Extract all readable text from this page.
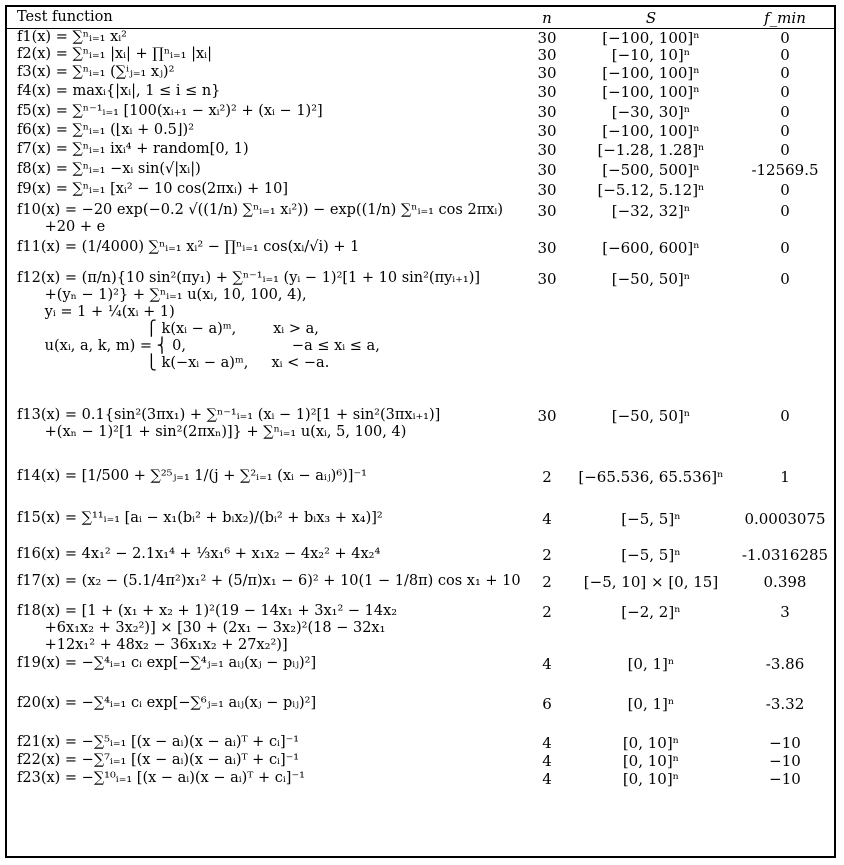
Test function	n	S	f_min
f1(x) = ∑ⁿᵢ₌₁ xᵢ²	30	[−100, 100]ⁿ	0
f2(x) = ∑ⁿᵢ₌₁ |xᵢ| + ∏ⁿᵢ₌₁ |xᵢ|	30	[−10, 10]ⁿ	0
f3(x) = ∑ⁿᵢ₌₁ (∑ⁱⱼ₌₁ xⱼ)²	30	[−100, 100]ⁿ	0
f4(x) = maxᵢ{|xᵢ|, 1 ≤ i ≤ n}	30	[−100, 100]ⁿ	0
f5(x) = ∑ⁿ⁻¹ᵢ₌₁ [100(xᵢ₊₁ − xᵢ²)² + (xᵢ − 1)²]	30	[−30, 30]ⁿ	0
f6(x) = ∑ⁿᵢ₌₁ (⌊xᵢ + 0.5⌋)²	30	[−100, 100]ⁿ	0
f7(x) = ∑ⁿᵢ₌₁ ixᵢ⁴ + random[0, 1)	30	[−1.28, 1.28]ⁿ	0
f8(x) = ∑ⁿᵢ₌₁ −xᵢ sin(√|xᵢ|)	30	[−500, 500]ⁿ	-12569.5
f9(x) = ∑ⁿᵢ₌₁ [xᵢ² − 10 cos(2πxᵢ) + 10]	30	[−5.12, 5.12]ⁿ	0
f10(x) = −20 exp(−0.2 √((1/n) ∑ⁿᵢ₌₁ xᵢ²)) − exp((1/n) ∑ⁿᵢ₌₁ cos 2πxᵢ)
+20 + e
30	[−32, 32]ⁿ	0
f11(x) = (1/4000) ∑ⁿᵢ₌₁ xᵢ² − ∏ⁿᵢ₌₁ cos(xᵢ/√i) + 1	30	[−600, 600]ⁿ	0
f12(x) = (π/n){10 sin²(πy₁) + ∑ⁿ⁻¹ᵢ₌₁ (yᵢ − 1)²[1 + 10 sin²(πyᵢ₊₁)]
+(yₙ − 1)²} + ∑ⁿᵢ₌₁ u(xᵢ, 10, 100, 4),
yᵢ = 1 + ¼(xᵢ + 1)
⎧ k(xᵢ − a)ᵐ,        xᵢ > a,
u(xᵢ, a, k, m) = ⎨ 0,                       −a ≤ xᵢ ≤ a,
⎩ k(−xᵢ − a)ᵐ,     xᵢ < −a.
30	[−50, 50]ⁿ	0
f13(x) = 0.1{sin²(3πx₁) + ∑ⁿ⁻¹ᵢ₌₁ (xᵢ − 1)²[1 + sin²(3πxᵢ₊₁)]
+(xₙ − 1)²[1 + sin²(2πxₙ)]} + ∑ⁿᵢ₌₁ u(xᵢ, 5, 100, 4)
30	[−50, 50]ⁿ	0
f14(x) = [1/500 + ∑²⁵ⱼ₌₁ 1/(j + ∑²ᵢ₌₁ (xᵢ − aᵢⱼ)⁶)]⁻¹	2	[−65.536, 65.536]ⁿ	1
f15(x) = ∑¹¹ᵢ₌₁ [aᵢ − x₁(bᵢ² + bᵢx₂)/(bᵢ² + bᵢx₃ + x₄)]²	4	[−5, 5]ⁿ	0.0003075
f16(x) = 4x₁² − 2.1x₁⁴ + ⅓x₁⁶ + x₁x₂ − 4x₂² + 4x₂⁴	2	[−5, 5]ⁿ	-1.0316285
f17(x) = (x₂ − (5.1/4π²)x₁² + (5/π)x₁ − 6)² + 10(1 − 1/8π) cos x₁ + 10	2	[−5, 10] × [0, 15]	0.398
f18(x) = [1 + (x₁ + x₂ + 1)²(19 − 14x₁ + 3x₁² − 14x₂
+6x₁x₂ + 3x₂²)] × [30 + (2x₁ − 3x₂)²(18 − 32x₁
+12x₁² + 48x₂ − 36x₁x₂ + 27x₂²)]
2	[−2, 2]ⁿ	3
f19(x) = −∑⁴ᵢ₌₁ cᵢ exp[−∑⁴ⱼ₌₁ aᵢⱼ(xⱼ − pᵢⱼ)²]	4	[0, 1]ⁿ	-3.86
f20(x) = −∑⁴ᵢ₌₁ cᵢ exp[−∑⁶ⱼ₌₁ aᵢⱼ(xⱼ − pᵢⱼ)²]	6	[0, 1]ⁿ	-3.32
f21(x) = −∑⁵ᵢ₌₁ [(x − aᵢ)(x − aᵢ)ᵀ + cᵢ]⁻¹	4	[0, 10]ⁿ	−10
f22(x) = −∑⁷ᵢ₌₁ [(x − aᵢ)(x − aᵢ)ᵀ + cᵢ]⁻¹	4	[0, 10]ⁿ	−10
f23(x) = −∑¹⁰ᵢ₌₁ [(x − aᵢ)(x − aᵢ)ᵀ + cᵢ]⁻¹	4	[0, 10]ⁿ	−10
